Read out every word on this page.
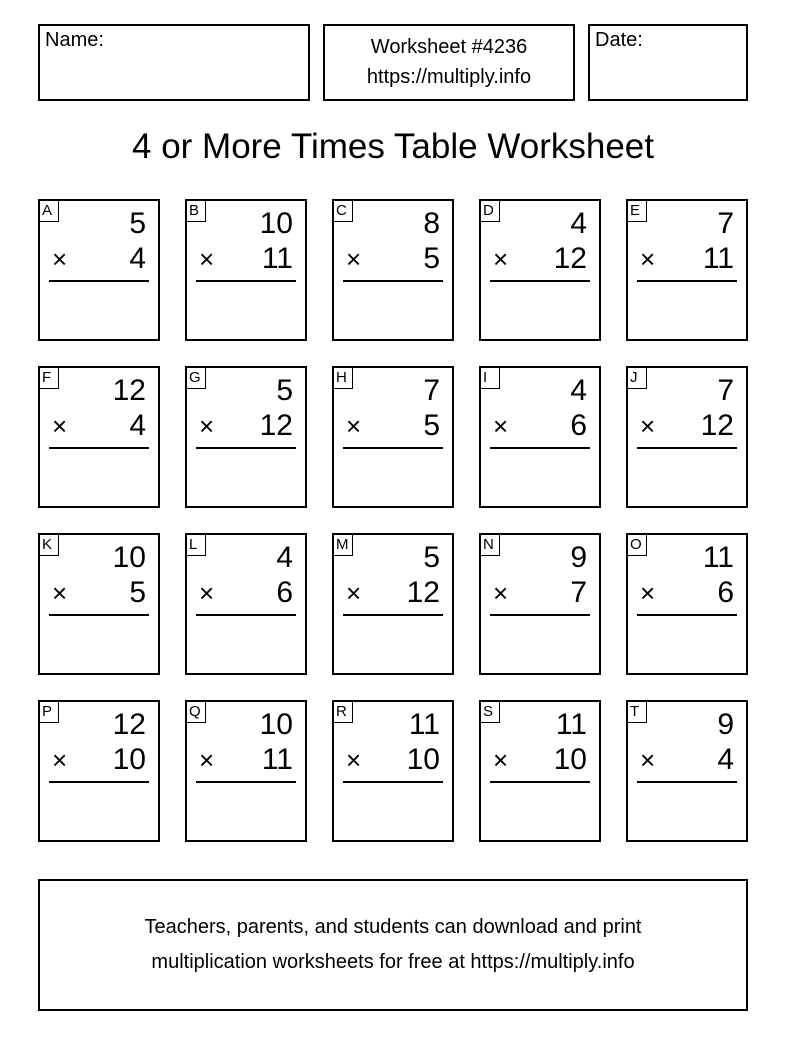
Name:	Worksheet #4236
https://multiply.info
Date:
4 or More Times Table Worksheet
A	5
× 4
B 10
× 11
C	8
× 5
D	4
× 12
E	7
× 11
F 12
× 4
G	5
× 12
H	7
× 5
I	4
× 6
J	7
× 12
K 10
× 5
L	4
× 6
M 5
× 12
N	9
× 7
O 11
× 6
P 12
× 10
Q 10
× 11
R 11
× 10
S 11
× 10
T	9
× 4
Teachers, parents, and students can download and print
multiplication worksheets for free at https://multiply.info
